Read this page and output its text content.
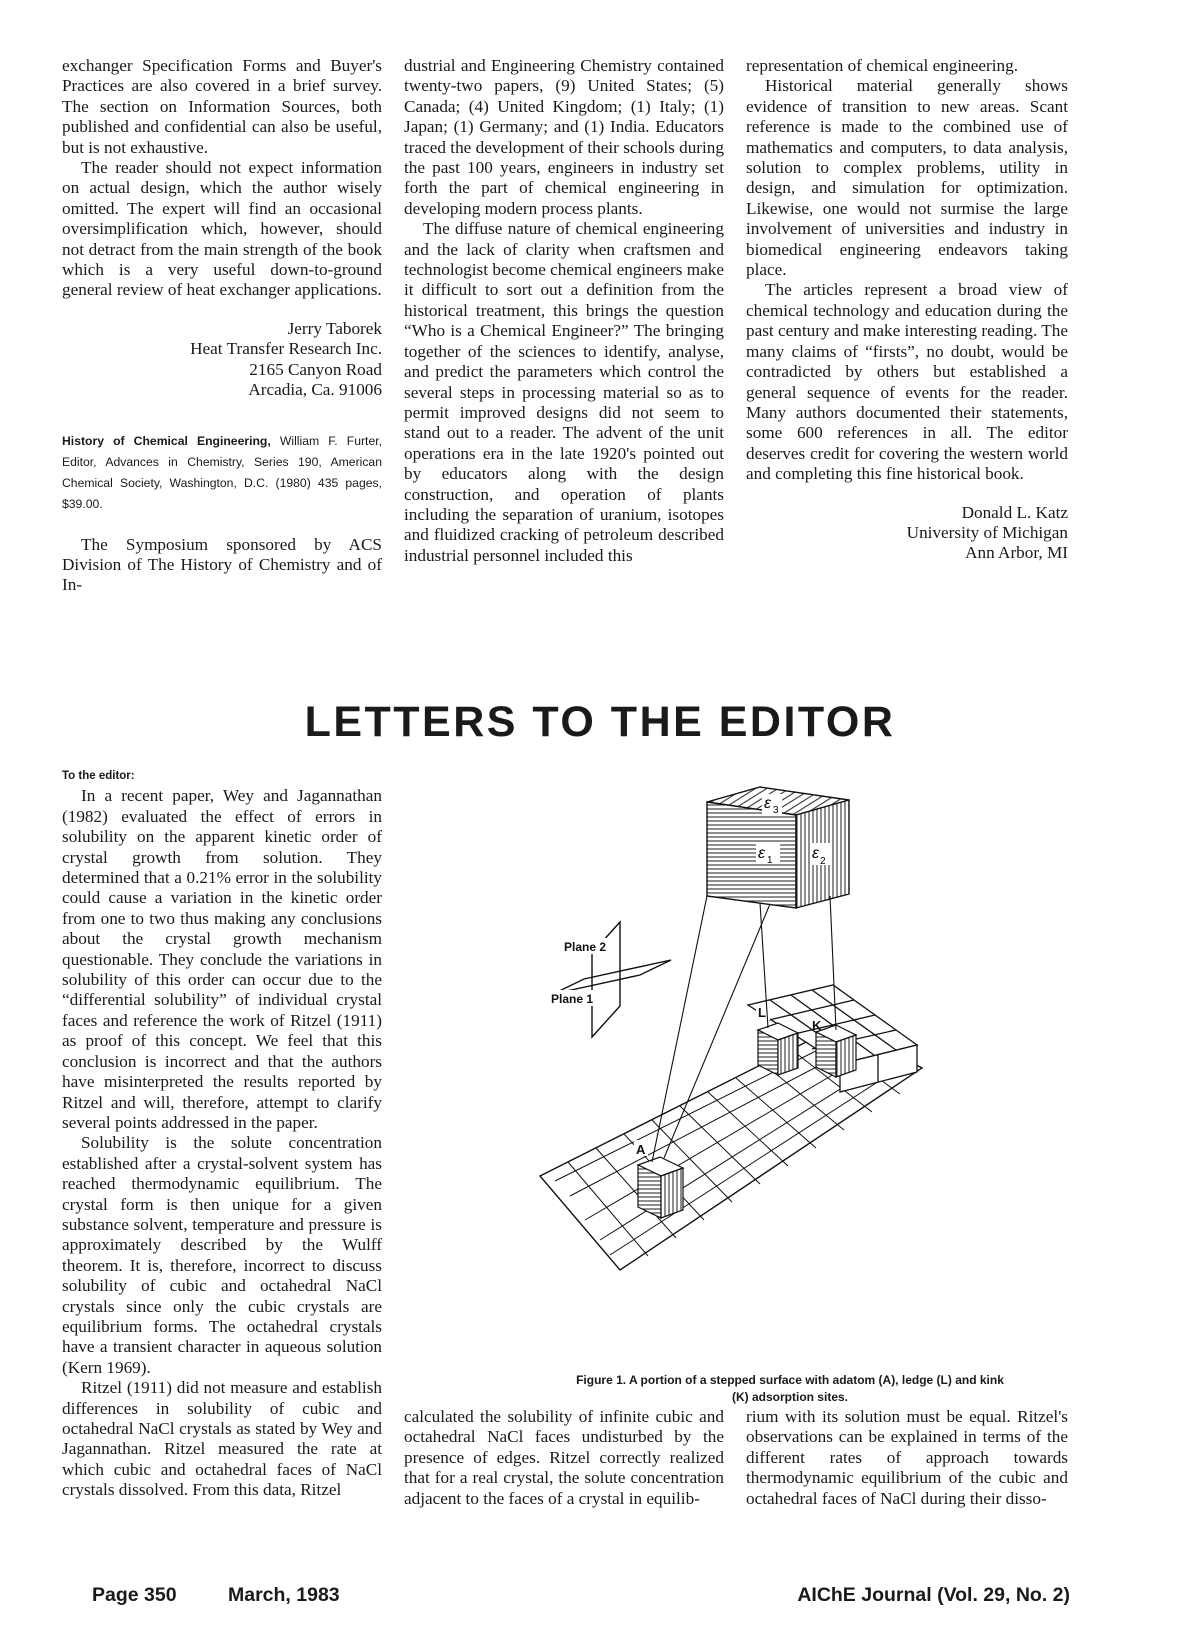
exchanger Specification Forms and Buyer's Practices are also covered in a brief survey. The section on Information Sources, both published and confidential can also be useful, but is not exhaustive.

The reader should not expect information on actual design, which the author wisely omitted. The expert will find an occasional oversimplification which, however, should not detract from the main strength of the book which is a very useful down-to-ground general review of heat exchanger applications.

Jerry Taborek

Heat Transfer Research Inc.

2165 Canyon Road

Arcadia, Ca. 91006

History of Chemical Engineering, William F. Furter, Editor, Advances in Chemistry, Series 190, American Chemical Society, Washington, D.C. (1980) 435 pages, $39.00.

The Symposium sponsored by ACS Division of The History of Chemistry and of In-

dustrial and Engineering Chemistry contained twenty-two papers, (9) United States; (5) Canada; (4) United Kingdom; (1) Italy; (1) Japan; (1) Germany; and (1) India. Educators traced the development of their schools during the past 100 years, engineers in industry set forth the part of chemical engineering in developing modern process plants.

The diffuse nature of chemical engineering and the lack of clarity when craftsmen and technologist become chemical engineers make it difficult to sort out a definition from the historical treatment, this brings the question “Who is a Chemical Engineer?” The bringing together of the sciences to identify, analyse, and predict the parameters which control the several steps in processing material so as to permit improved designs did not seem to stand out to a reader. The advent of the unit operations era in the late 1920's pointed out by educators along with the design construction, and operation of plants including the separation of uranium, isotopes and fluidized cracking of petroleum described industrial personnel included this

representation of chemical engineering.

Historical material generally shows evidence of transition to new areas. Scant reference is made to the combined use of mathematics and computers, to data analysis, solution to complex problems, utility in design, and simulation for optimization. Likewise, one would not surmise the large involvement of universities and industry in biomedical engineering endeavors taking place.

The articles represent a broad view of chemical technology and education during the past century and make interesting reading. The many claims of “firsts”, no doubt, would be contradicted by others but established a general sequence of events for the reader. Many authors documented their statements, some 600 references in all. The editor deserves credit for covering the western world and completing this fine historical book.

Donald L. Katz

University of Michigan

Ann Arbor, MI

LETTERS TO THE EDITOR

To the editor:

In a recent paper, Wey and Jagannathan (1982) evaluated the effect of errors in solubility on the apparent kinetic order of crystal growth from solution. They determined that a 0.21% error in the solubility could cause a variation in the kinetic order from one to two thus making any conclusions about the crystal growth mechanism questionable. They conclude the variations in solubility of this order can occur due to the “differential solubility” of individual crystal faces and reference the work of Ritzel (1911) as proof of this concept. We feel that this conclusion is incorrect and that the authors have misinterpreted the results reported by Ritzel and will, therefore, attempt to clarify several points addressed in the paper.

Solubility is the solute concentration established after a crystal-solvent system has reached thermodynamic equilibrium. The crystal form is then unique for a given substance solvent, temperature and pressure is approximately described by the Wulff theorem. It is, therefore, incorrect to discuss solubility of cubic and octahedral NaCl crystals since only the cubic crystals are equilibrium forms. The octahedral crystals have a transient character in aqueous solution (Kern 1969).

Ritzel (1911) did not measure and establish differences in solubility of cubic and octahedral NaCl crystals as stated by Wey and Jagannathan. Ritzel measured the rate at which cubic and octahedral faces of NaCl crystals dissolved. From this data, Ritzel

calculated the solubility of infinite cubic and octahedral NaCl faces undisturbed by the presence of edges. Ritzel correctly realized that for a real crystal, the solute concentration adjacent to the faces of a crystal in equilib-

rium with its solution must be equal. Ritzel's observations can be explained in terms of the different rates of approach towards thermodynamic equilibrium of the cubic and octahedral faces of NaCl during their disso-

ε 3
ε 1 ε 2
Plane 2
Plane 1
L
K
A
Figure 1. A portion of a stepped surface with adatom (A), ledge (L) and kink
(K) adsorption sites.

Page 350	March, 1983	AIChE Journal (Vol. 29, No. 2)
